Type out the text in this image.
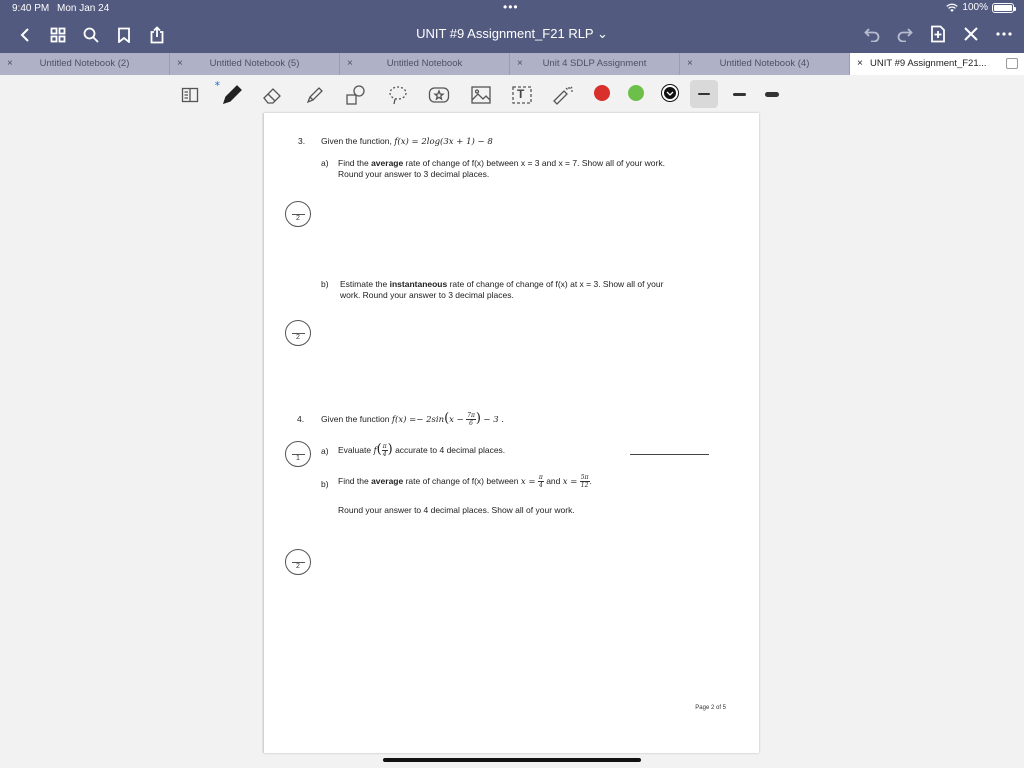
9:40 PM Mon Jan 24	•••	100%
UNIT #9 Assignment_F21 RLP ⌄
×	Untitled Notebook (2)	×	Untitled Notebook (5)	×	Untitled Notebook	×	Unit 4 SDLP Assignment	×	Untitled Notebook (4)	× UNIT #9 Assignment_F21...
∗
T
3. Given the function, f(x) = 2log(3x + 1) − 8
a) Find the average rate of change of f(x) between x = 3 and x = 7. Show all of your work.
Round your answer to 3 decimal places.
2
b) Estimate the instantaneous rate of change of change of f(x) at x = 3. Show all of your
work. Round your answer to 3 decimal places.
2
4. Given the function $f(x) =- 2\sin(x - \frac{7\pi}{6}$ ) − 3 .
1
a) Evaluate $f( \frac{\pi}{4}$ ) accurate to 4 decimal places.
b) Find the average rate of change of f(x) between $x = \frac{\pi}{4}$ and $x = \frac{5\pi}{12}$ .
Round your answer to 4 decimal places. Show all of your work.
2
Page 2 of 5
